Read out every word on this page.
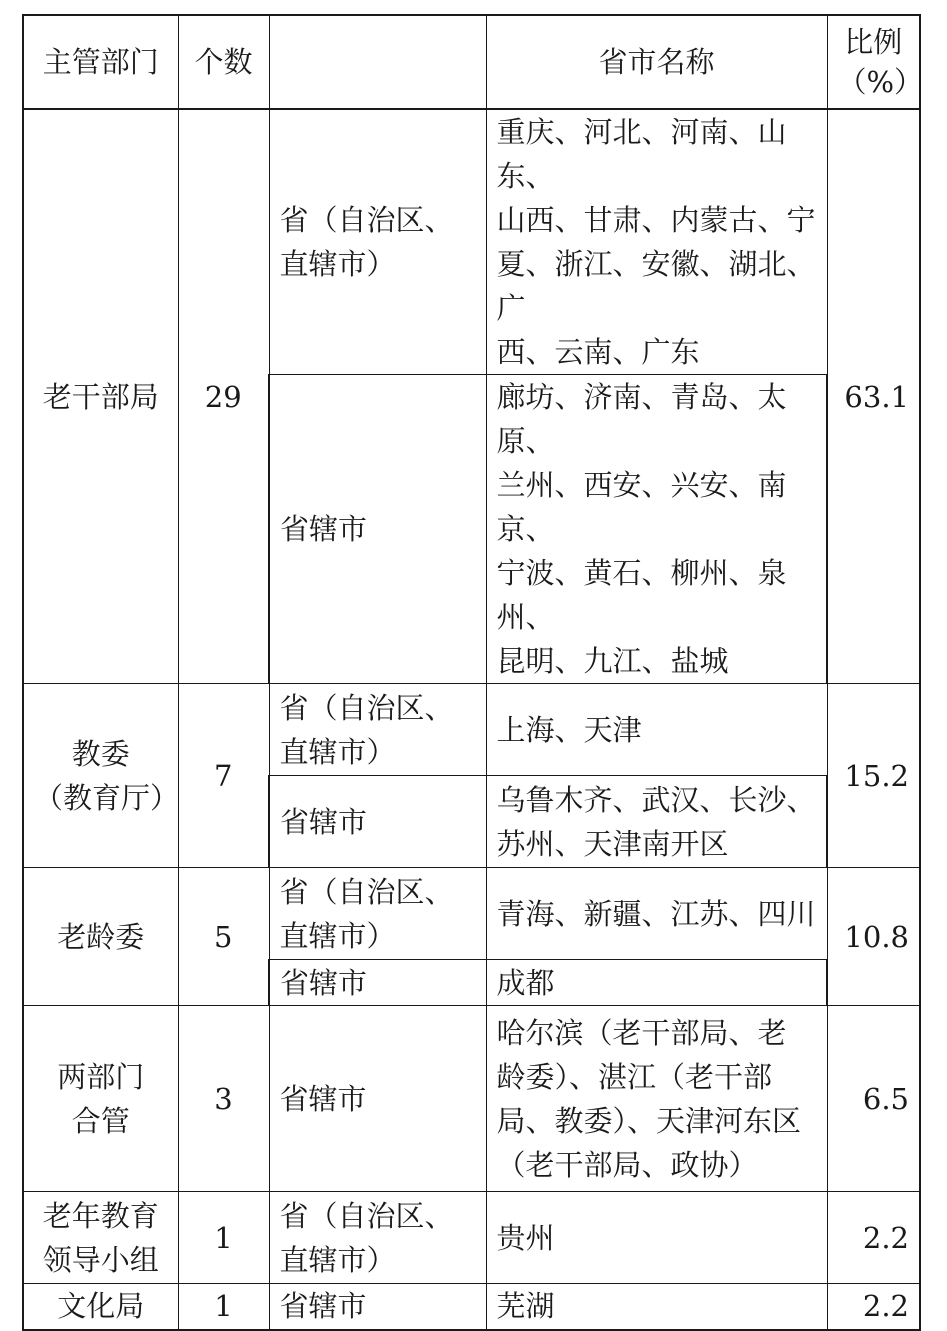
主管部门	个数		省市名称	比例
（%）

老干部局	29	省（自治区、
直辖市）	重庆、河北、河南、山东、
山西、甘肃、内蒙古、宁
夏、浙江、安徽、湖北、广
西、云南、广东	63.1

		省辖市	廊坊、济南、青岛、太原、
兰州、西安、兴安、南京、
宁波、黄石、柳州、泉州、
昆明、九江、盐城	

教委
（教育厅）	7	省（自治区、
直辖市）	上海、天津	15.2

		省辖市	乌鲁木齐、武汉、长沙、
苏州、天津南开区	

老龄委	5	省（自治区、
直辖市）	青海、新疆、江苏、四川	10.8

		省辖市	成都	

两部门
合管	3	省辖市	哈尔滨（老干部局、老
龄委）、湛江（老干部
局、教委）、天津河东区
（老干部局、政协）	6.5

老年教育
领导小组	1	省（自治区、
直辖市）	贵州	2.2

文化局	1	省辖市	芜湖	2.2
